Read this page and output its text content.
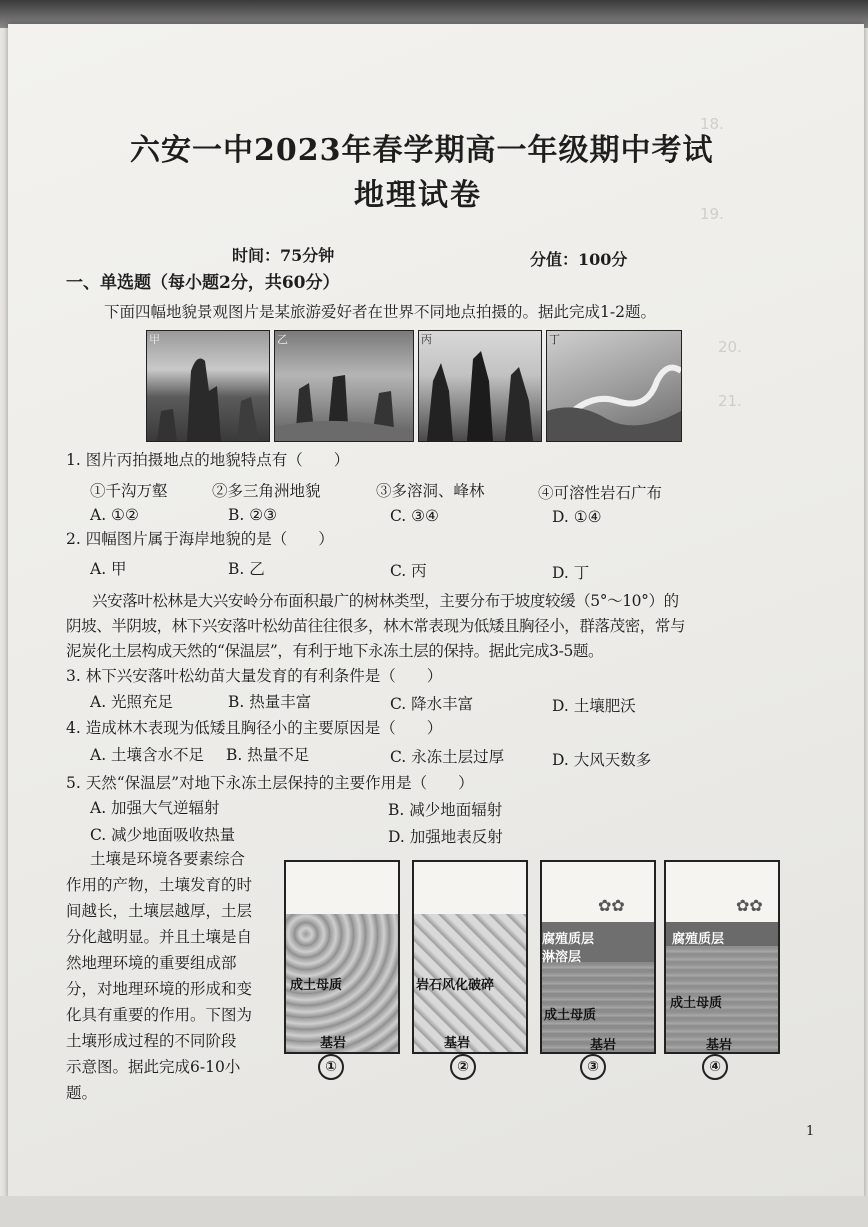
18.
19.
20.
21.
六安一中2023年春学期高一年级期中考试
地理试卷
时间：75分钟	分值：100分
一、单选题（每小题2分，共60分）
下面四幅地貌景观图片是某旅游爱好者在世界不同地点拍摄的。据此完成1-2题。
甲	乙	丙	丁
1. 图片丙拍摄地点的地貌特点有（　　）
①千沟万壑	②多三角洲地貌	③多溶洞、峰林	④可溶性岩石广布
A. ①②	B. ②③	C. ③④	D. ①④
2. 四幅图片属于海岸地貌的是（　　）
A. 甲	B. 乙	C. 丙	D. 丁
兴安落叶松林是大兴安岭分布面积最广的树林类型，主要分布于坡度较缓（5°～10°）的
阴坡、半阴坡，林下兴安落叶松幼苗往往很多，林木常表现为低矮且胸径小，群落茂密，常与
泥炭化土层构成天然的“保温层”，有利于地下永冻土层的保持。据此完成3-5题。
3. 林下兴安落叶松幼苗大量发育的有利条件是（　　）
A. 光照充足	B. 热量丰富	C. 降水丰富	D. 土壤肥沃
4. 造成林木表现为低矮且胸径小的主要原因是（　　）
A. 土壤含水不足 B. 热量不足	C. 永冻土层过厚	D. 大风天数多
5. 天然“保温层”对地下永冻土层保持的主要作用是（　　）
A. 加强大气逆辐射	B. 减少地面辐射
C. 减少地面吸收热量	D. 加强地表反射
土壤是环境各要素综合
作用的产物，土壤发育的时
间越长，土壤层越厚，土层
分化越明显。并且土壤是自
然地理环境的重要组成部
分，对地理环境的形成和变
化具有重要的作用。下图为
土壤形成过程的不同阶段
示意图。据此完成6-10小
题。
成土母质
基岩
岩石风化破碎
基岩
✿✿
腐殖质层
淋溶层
成土母质
基岩
✿✿
腐殖质层
成土母质
基岩
①	②	③	④
1
